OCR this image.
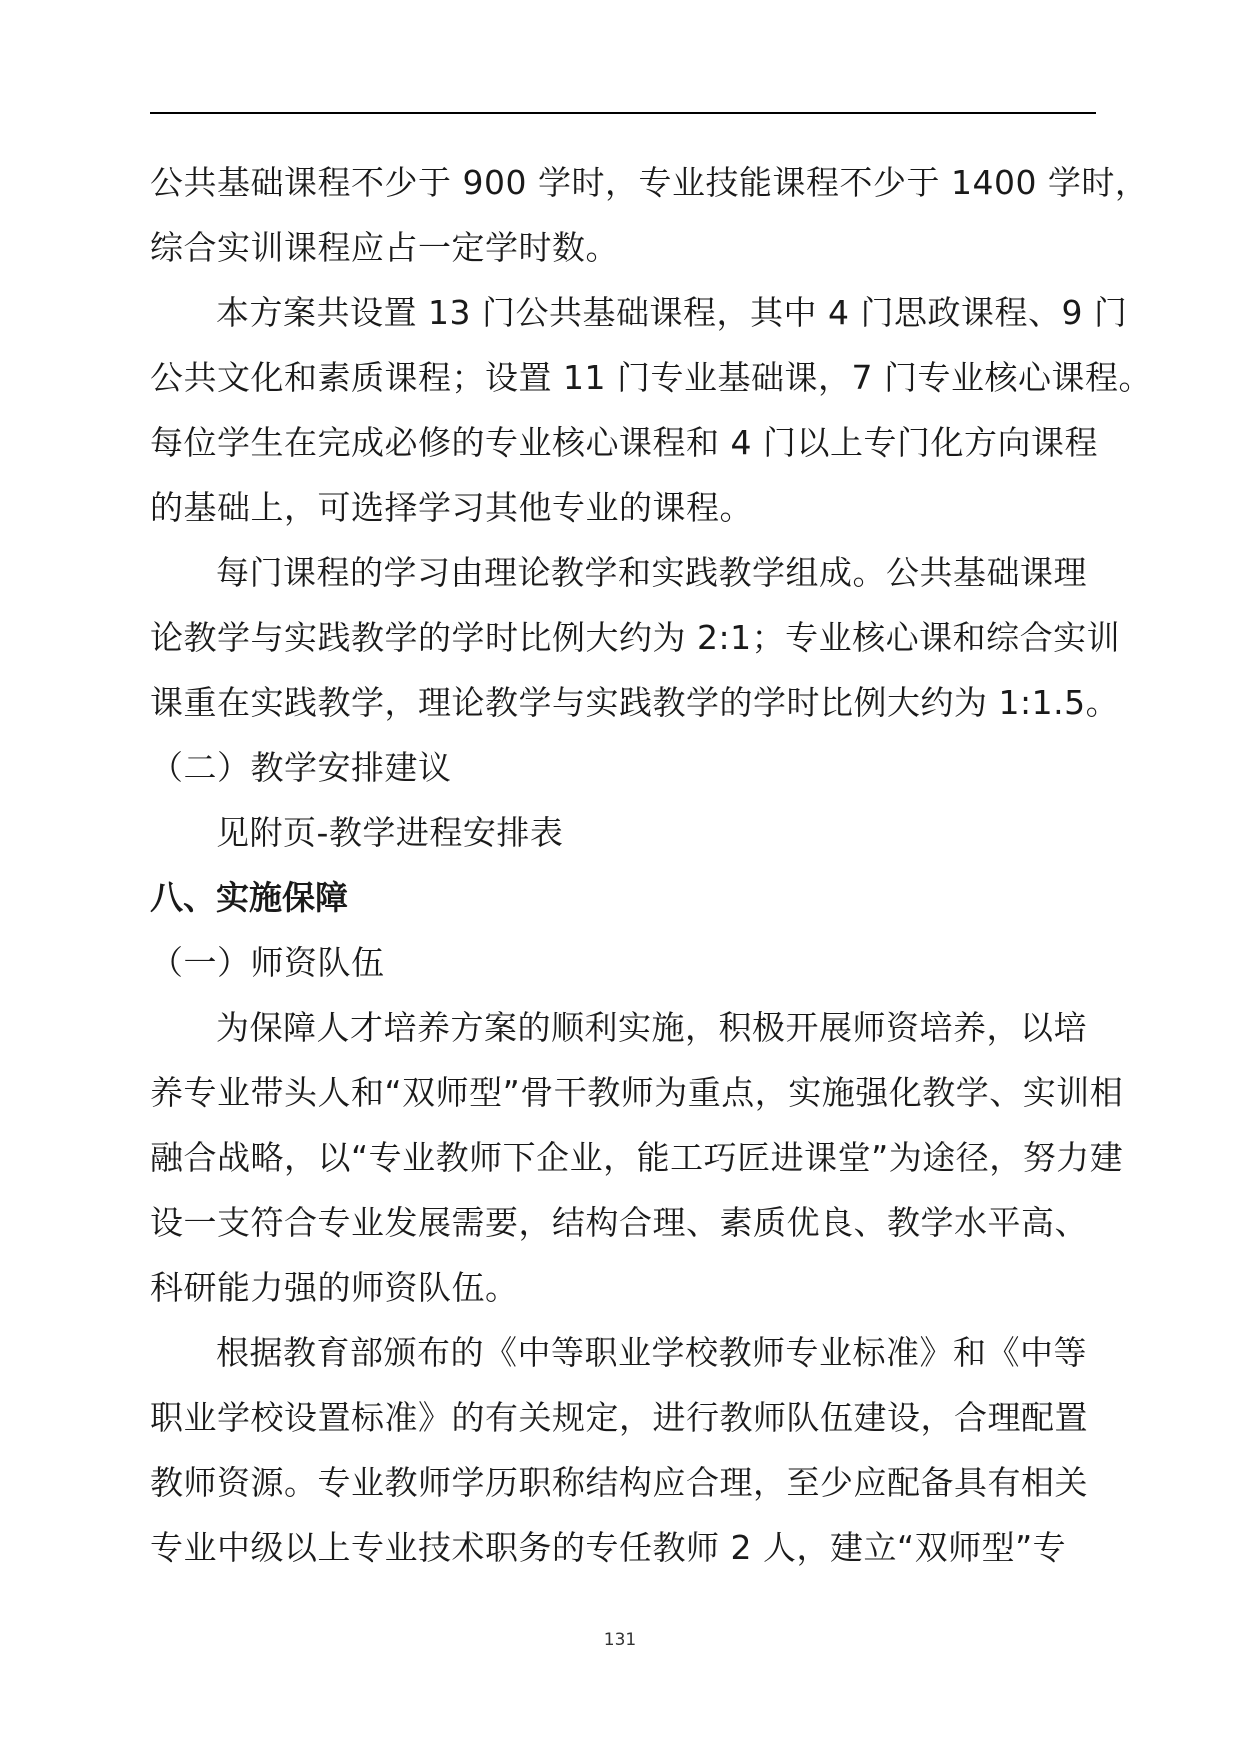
公共基础课程不少于 900 学时，专业技能课程不少于 1400 学时，
综合实训课程应占一定学时数。
本方案共设置 13 门公共基础课程，其中 4 门思政课程、9 门
公共文化和素质课程；设置 11 门专业基础课，7 门专业核心课程。
每位学生在完成必修的专业核心课程和 4 门以上专门化方向课程
的基础上，可选择学习其他专业的课程。
每门课程的学习由理论教学和实践教学组成。公共基础课理
论教学与实践教学的学时比例大约为 2:1；专业核心课和综合实训
课重在实践教学，理论教学与实践教学的学时比例大约为 1:1.5。
（二）教学安排建议
见附页-教学进程安排表
八、实施保障
（一）师资队伍
为保障人才培养方案的顺利实施，积极开展师资培养，以培
养专业带头人和“双师型”骨干教师为重点，实施强化教学、实训相
融合战略，以“专业教师下企业，能工巧匠进课堂”为途径，努力建
设一支符合专业发展需要，结构合理、素质优良、教学水平高、
科研能力强的师资队伍。
根据教育部颁布的《中等职业学校教师专业标准》和《中等
职业学校设置标准》的有关规定，进行教师队伍建设，合理配置
教师资源。专业教师学历职称结构应合理，至少应配备具有相关
专业中级以上专业技术职务的专任教师 2 人，建立“双师型”专
131
